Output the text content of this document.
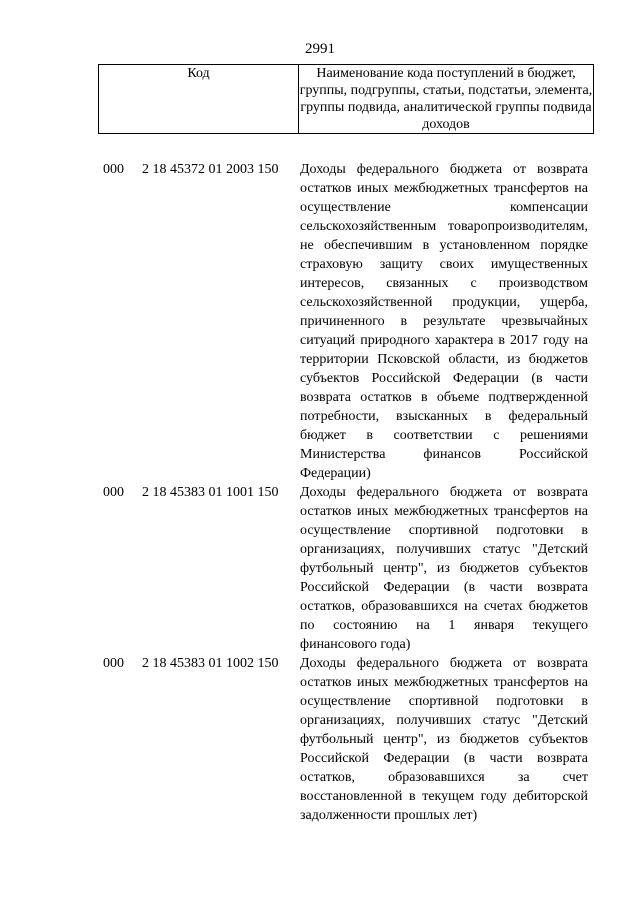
2991
Код	Наименование кода поступлений в бюджет, группы, подгруппы, статьи, подстатьи, элемента, группы подвида, аналитической группы подвида доходов
000 2 18 45372 01 2003 150 Доходы федерального бюджета от возврата остатков иных межбюджетных трансфертов на осуществление компенсации сельскохозяйственным товаропроизводителям, не обеспечившим в установленном порядке страховую защиту своих имущественных интересов, связанных с производством сельскохозяйственной продукции, ущерба, причиненного в результате чрезвычайных ситуаций природного характера в 2017 году на территории Псковской области, из бюджетов субъектов Российской Федерации (в части возврата остатков в объеме подтвержденной потребности, взысканных в федеральный бюджет в соответствии с решениями Министерства финансов Российской Федерации)
000 2 18 45383 01 1001 150 Доходы федерального бюджета от возврата остатков иных межбюджетных трансфертов на осуществление спортивной подготовки в организациях, получивших статус "Детский футбольный центр", из бюджетов субъектов Российской Федерации (в части возврата остатков, образовавшихся на счетах бюджетов по состоянию на 1 января текущего финансового года)
000 2 18 45383 01 1002 150 Доходы федерального бюджета от возврата остатков иных межбюджетных трансфертов на осуществление спортивной подготовки в организациях, получивших статус "Детский футбольный центр", из бюджетов субъектов Российской Федерации (в части возврата остатков, образовавшихся за счет восстановленной в текущем году дебиторской задолженности прошлых лет)
